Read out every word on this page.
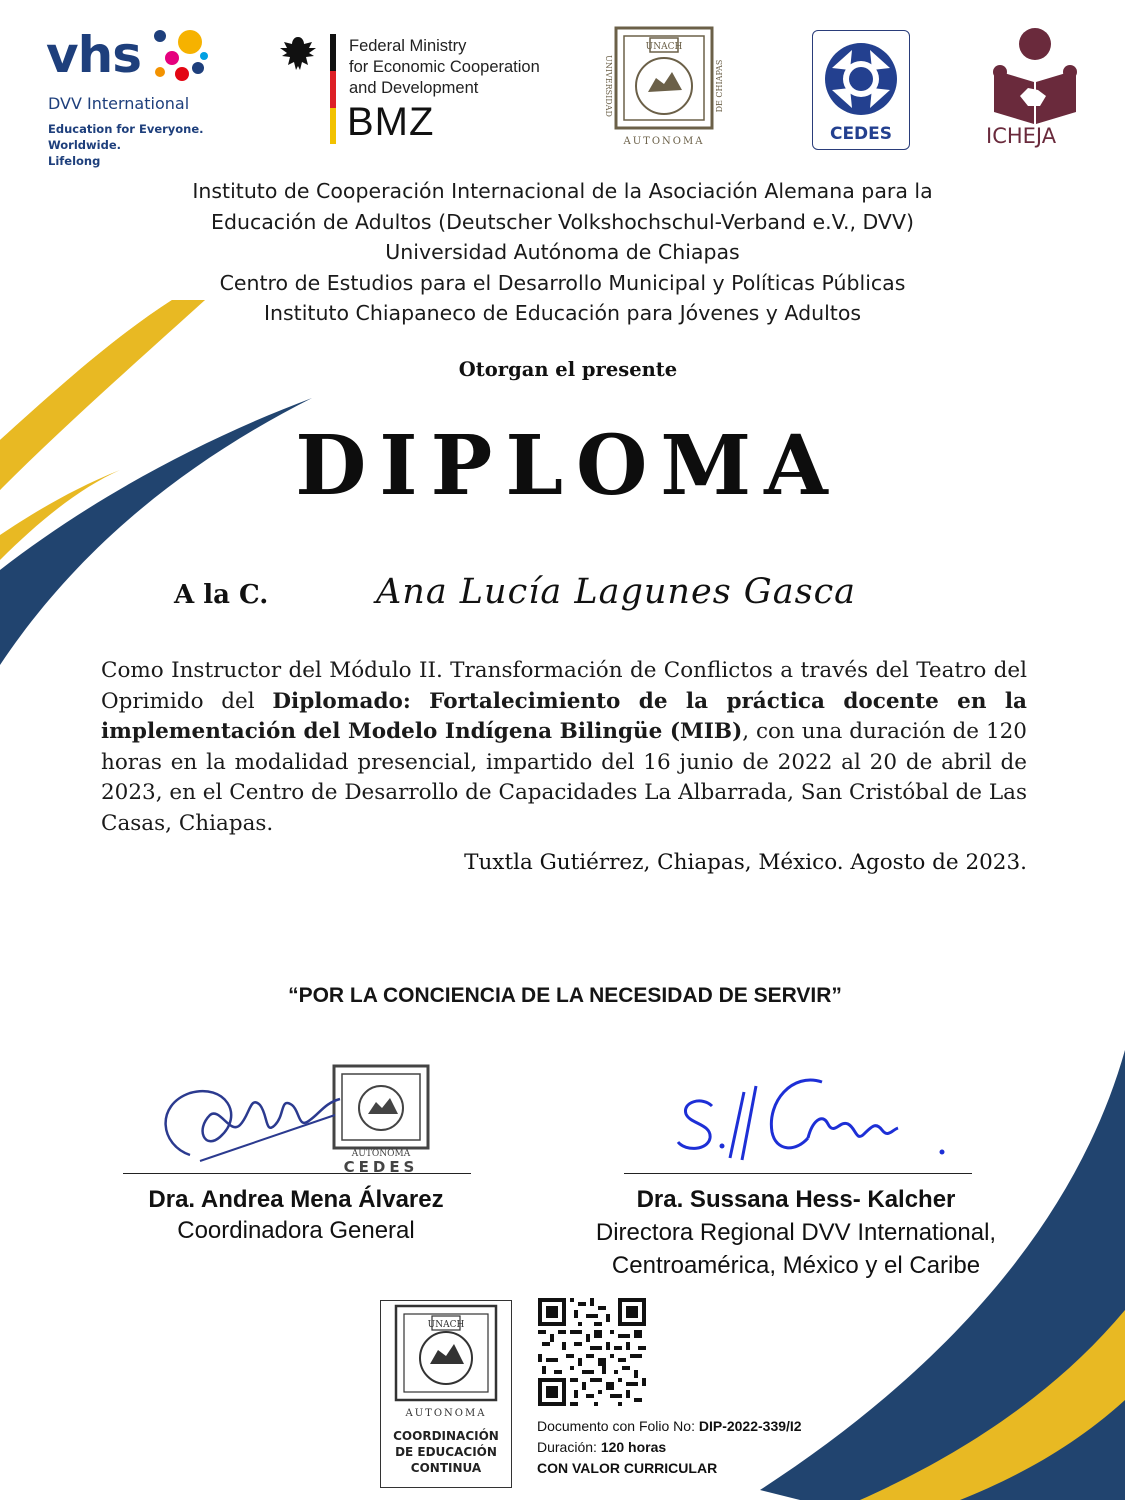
vhs
DVV International
Education for Everyone. Worldwide.
Lifelong
Federal Ministry
for Economic Cooperation
and Development
BMZ
UNACH
UNIVERSIDAD	DE CHIAPAS
AUTONOMA	CEDES	ICHEJA
Instituto de Cooperación Internacional de la Asociación Alemana para la
Educación de Adultos (Deutscher Volkshochschul-Verband e.V., DVV)
Universidad Autónoma de Chiapas
Centro de Estudios para el Desarrollo Municipal y Políticas Públicas
Instituto Chiapaneco de Educación para Jóvenes y Adultos
Otorgan el presente
DIPLOMA
A la C.	Ana Lucía Lagunes Gasca
Como Instructor del Módulo II. Transformación de Conflictos a través del Teatro del Oprimido del Diplomado: Fortalecimiento de la práctica docente en la implementación del Modelo Indígena Bilingüe (MIB), con una duración de 120 horas en la modalidad presencial, impartido del 16 junio de 2022 al 20 de abril de 2023, en el Centro de Desarrollo de Capacidades La Albarrada, San Cristóbal de Las Casas, Chiapas.
Tuxtla Gutiérrez, Chiapas, México. Agosto de 2023.
“POR LA CONCIENCIA DE LA NECESIDAD DE SERVIR”
AUTONOMA
CEDES
Dra. Andrea Mena Álvarez
Coordinadora General
Dra. Sussana Hess- Kalcher
Directora Regional DVV International,
Centroamérica, México y el Caribe
UNACH
AUTONOMA
COORDINACIÓN
DE EDUCACIÓN
CONTINUA
Documento con Folio No: DIP-2022-339/I2
Duración: 120 horas
CON VALOR CURRICULAR
